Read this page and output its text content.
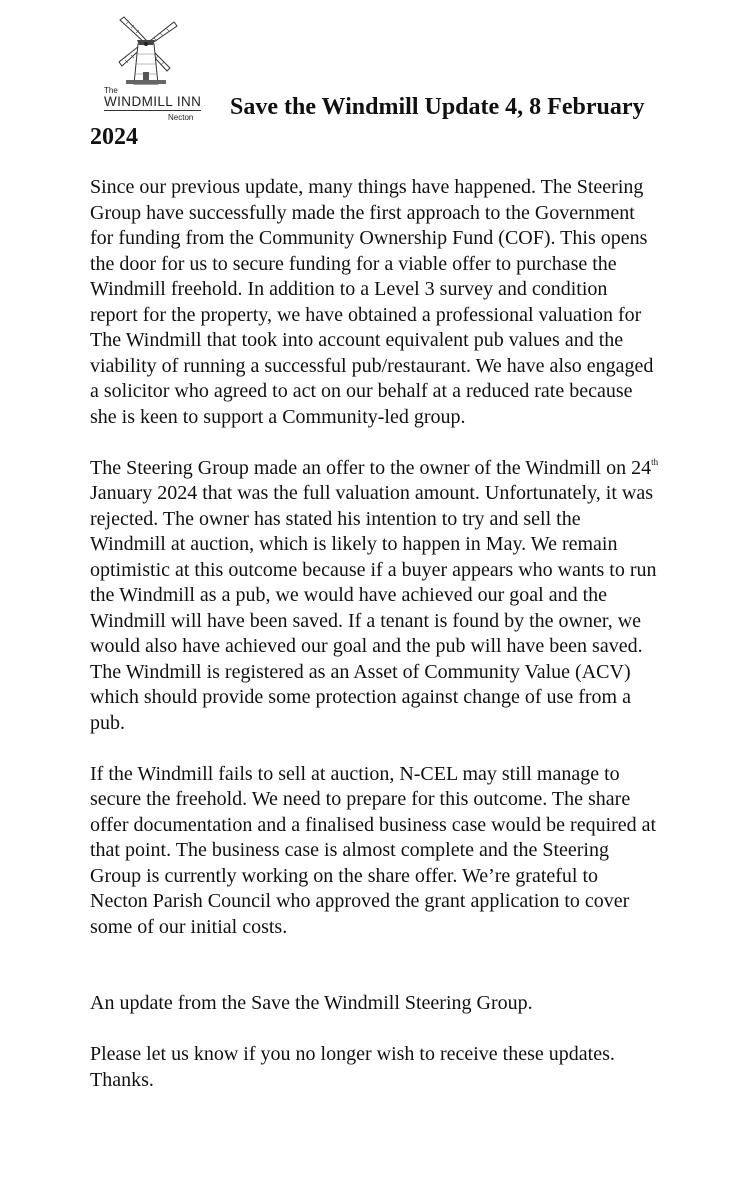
The
WINDMILL INN
Necton	Save the Windmill Update 4, 8 February 2024

Since our previous update, many things have happened. The Steering Group have successfully made the first approach to the Government for funding from the Community Ownership Fund (COF). This opens the door for us to secure funding for a viable offer to purchase the Windmill freehold. In addition to a Level 3 survey and condition report for the property, we have obtained a professional valuation for The Windmill that took into account equivalent pub values and the viability of running a successful pub/restaurant. We have also engaged a solicitor who agreed to act on our behalf at a reduced rate because she is keen to support a Community-led group.

The Steering Group made an offer to the owner of the Windmill on 24th January 2024 that was the full valuation amount. Unfortunately, it was rejected. The owner has stated his intention to try and sell the Windmill at auction, which is likely to happen in May. We remain optimistic at this outcome because if a buyer appears who wants to run the Windmill as a pub, we would have achieved our goal and the Windmill will have been saved. If a tenant is found by the owner, we would also have achieved our goal and the pub will have been saved. The Windmill is registered as an Asset of Community Value (ACV) which should provide some protection against change of use from a pub.

If the Windmill fails to sell at auction, N-CEL may still manage to secure the freehold. We need to prepare for this outcome. The share offer documentation and a finalised business case would be required at that point. The business case is almost complete and the Steering Group is currently working on the share offer. We’re grateful to Necton Parish Council who approved the grant application to cover some of our initial costs.

An update from the Save the Windmill Steering Group.

Please let us know if you no longer wish to receive these updates. Thanks.
